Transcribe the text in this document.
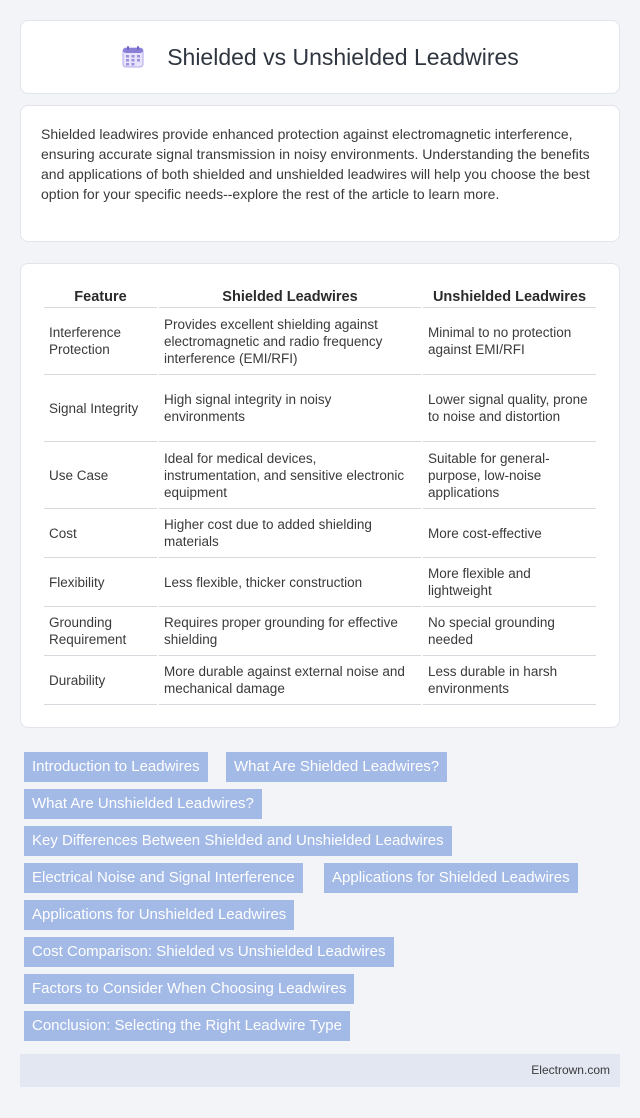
Shielded vs Unshielded Leadwires

Shielded leadwires provide enhanced protection against electromagnetic interference, ensuring accurate signal transmission in noisy environments. Understanding the benefits and applications of both shielded and unshielded leadwires will help you choose the best option for your specific needs--explore the rest of the article to learn more.

Feature	Shielded Leadwires	Unshielded Leadwires
Interference Protection	Provides excellent shielding against electromagnetic and radio frequency interference (EMI/RFI)	Minimal to no protection against EMI/RFI
Signal Integrity	High signal integrity in noisy environments	Lower signal quality, prone to noise and distortion
Use Case	Ideal for medical devices, instrumentation, and sensitive electronic equipment	Suitable for general-purpose, low-noise applications
Cost	Higher cost due to added shielding materials	More cost-effective
Flexibility	Less flexible, thicker construction	More flexible and lightweight
Grounding Requirement	Requires proper grounding for effective shielding	No special grounding needed
Durability	More durable against external noise and mechanical damage	Less durable in harsh environments
Introduction to Leadwires	What Are Shielded Leadwires?
What Are Unshielded Leadwires?
Key Differences Between Shielded and Unshielded Leadwires
Electrical Noise and Signal Interference	Applications for Shielded Leadwires
Applications for Unshielded Leadwires
Cost Comparison: Shielded vs Unshielded Leadwires
Factors to Consider When Choosing Leadwires
Conclusion: Selecting the Right Leadwire Type
Electrown.com
